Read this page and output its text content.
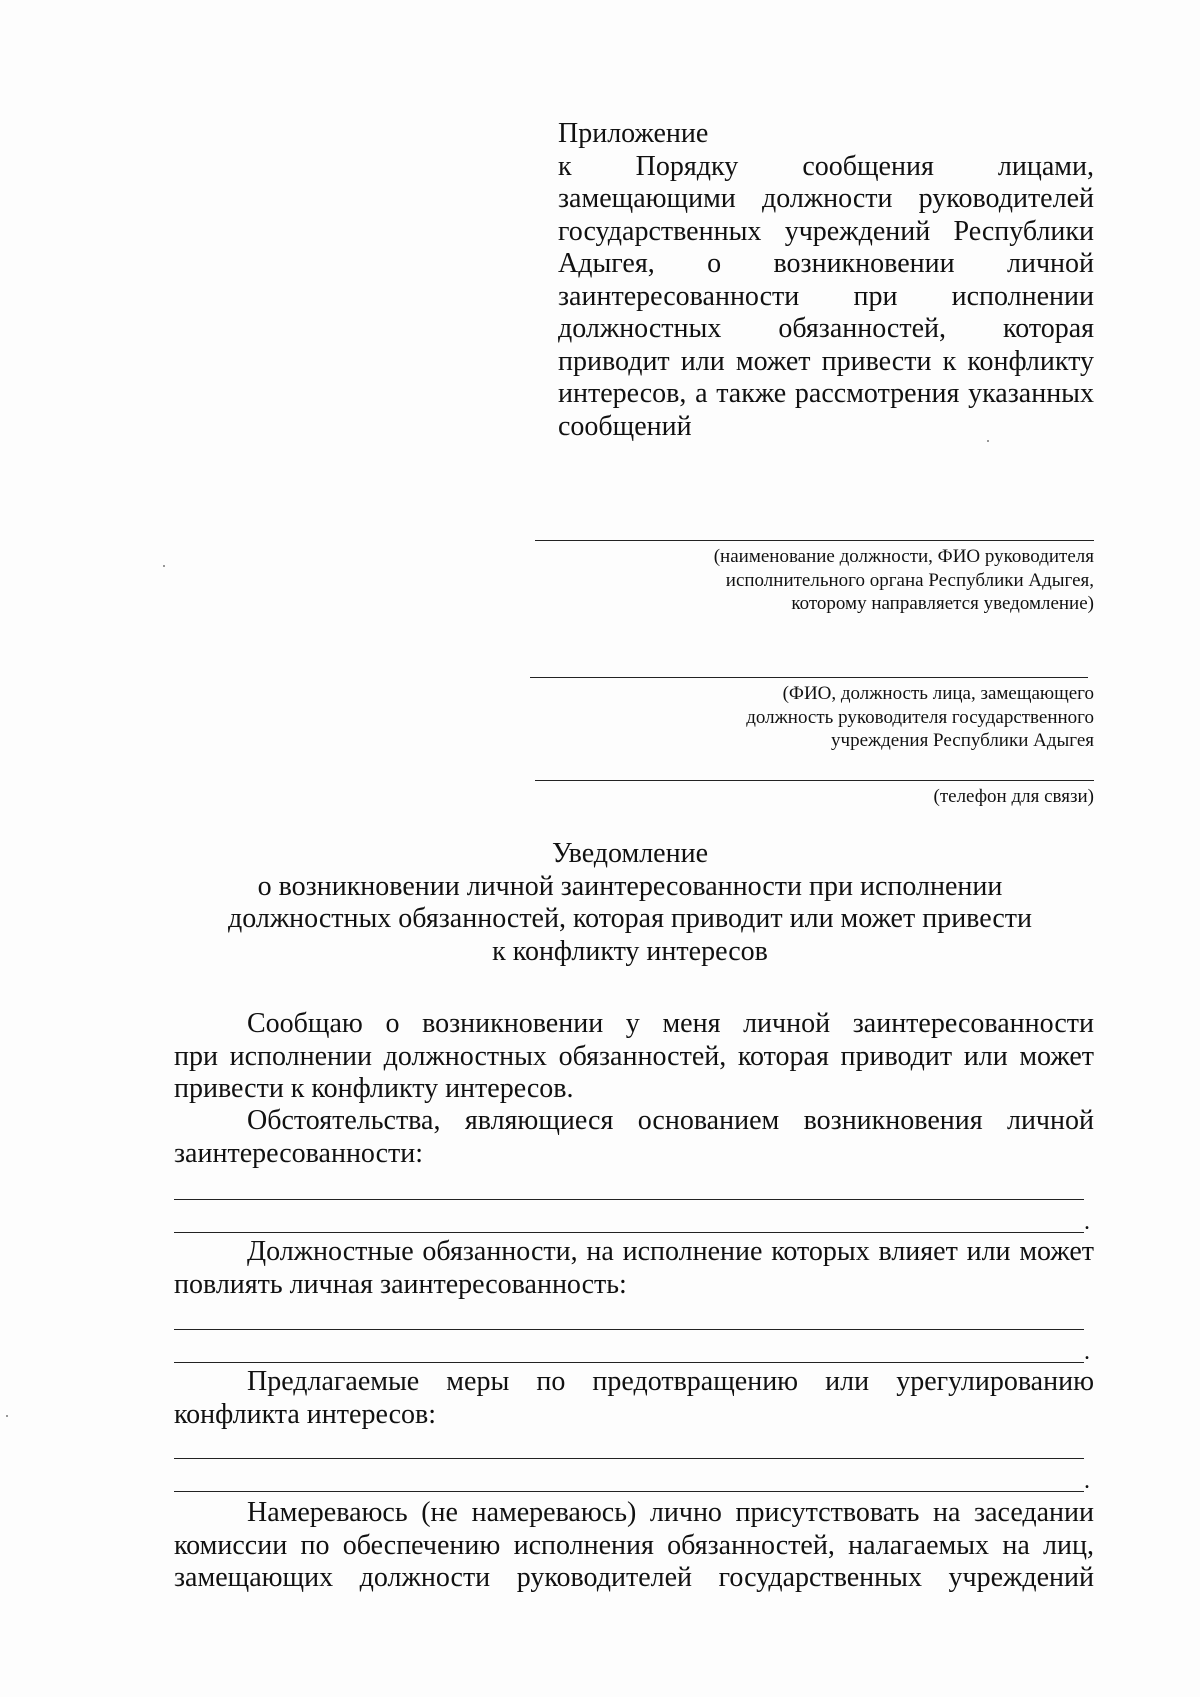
Приложение
к Порядку сообщения лицами,
замещающими должности руководителей
государственных учреждений Республики
Адыгея, о возникновении личной
заинтересованности при исполнении
должностных обязанностей, которая
приводит или может привести к конфликту
интересов, а также рассмотрения указанных
сообщений
(наименование должности, ФИО руководителя
исполнительного органа Республики Адыгея,
которому направляется уведомление)
(ФИО, должность лица, замещающего
должность руководителя государственного
учреждения Республики Адыгея
(телефон для связи)
Уведомление
о возникновении личной заинтересованности при исполнении
должностных обязанностей, которая приводит или может привести
к конфликту интересов
Сообщаю о возникновении у меня личной заинтересованности
при исполнении должностных обязанностей, которая приводит или может
привести к конфликту интересов.
Обстоятельства, являющиеся основанием возникновения личной
заинтересованности:
.
Должностные обязанности, на исполнение которых влияет или может
повлиять личная заинтересованность:
.
Предлагаемые меры по предотвращению или урегулированию
конфликта интересов:
.
Намереваюсь (не намереваюсь) лично присутствовать на заседании
комиссии по обеспечению исполнения обязанностей, налагаемых на лиц,
замещающих должности руководителей государственных учреждений
